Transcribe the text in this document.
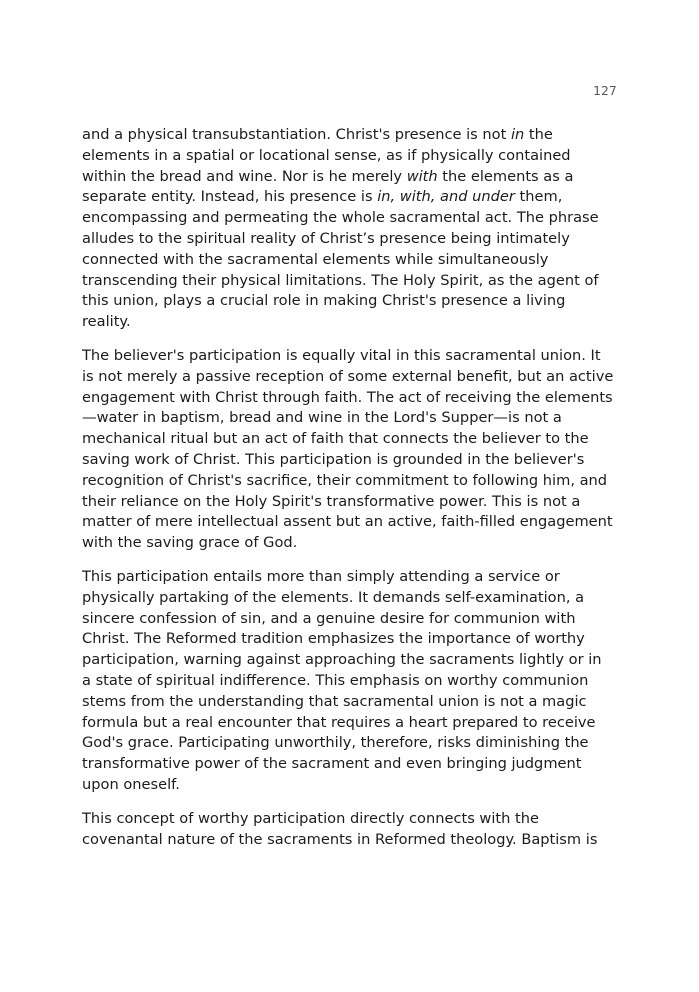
127

and a physical transubstantiation. Christ's presence is not in the elements in a spatial or locational sense, as if physically contained within the bread and wine. Nor is he merely with the elements as a separate entity. Instead, his presence is in, with, and under them, encompassing and permeating the whole sacramental act. The phrase alludes to the spiritual reality of Christ’s presence being intimately connected with the sacramental elements while simultaneously transcending their physical limitations. The Holy Spirit, as the agent of this union, plays a crucial role in making Christ's presence a living reality.

The believer's participation is equally vital in this sacramental union. It is not merely a passive reception of some external benefit, but an active engagement with Christ through faith. The act of receiving the elements—water in baptism, bread and wine in the Lord's Supper—is not a mechanical ritual but an act of faith that connects the believer to the saving work of Christ. This participation is grounded in the believer's recognition of Christ's sacrifice, their commitment to following him, and their reliance on the Holy Spirit's transformative power. This is not a matter of mere intellectual assent but an active, faith-filled engagement with the saving grace of God.

This participation entails more than simply attending a service or physically partaking of the elements. It demands self-examination, a sincere confession of sin, and a genuine desire for communion with Christ. The Reformed tradition emphasizes the importance of worthy participation, warning against approaching the sacraments lightly or in a state of spiritual indifference. This emphasis on worthy communion stems from the understanding that sacramental union is not a magic formula but a real encounter that requires a heart prepared to receive God's grace. Participating unworthily, therefore, risks diminishing the transformative power of the sacrament and even bringing judgment upon oneself.

This concept of worthy participation directly connects with the covenantal nature of the sacraments in Reformed theology. Baptism is
